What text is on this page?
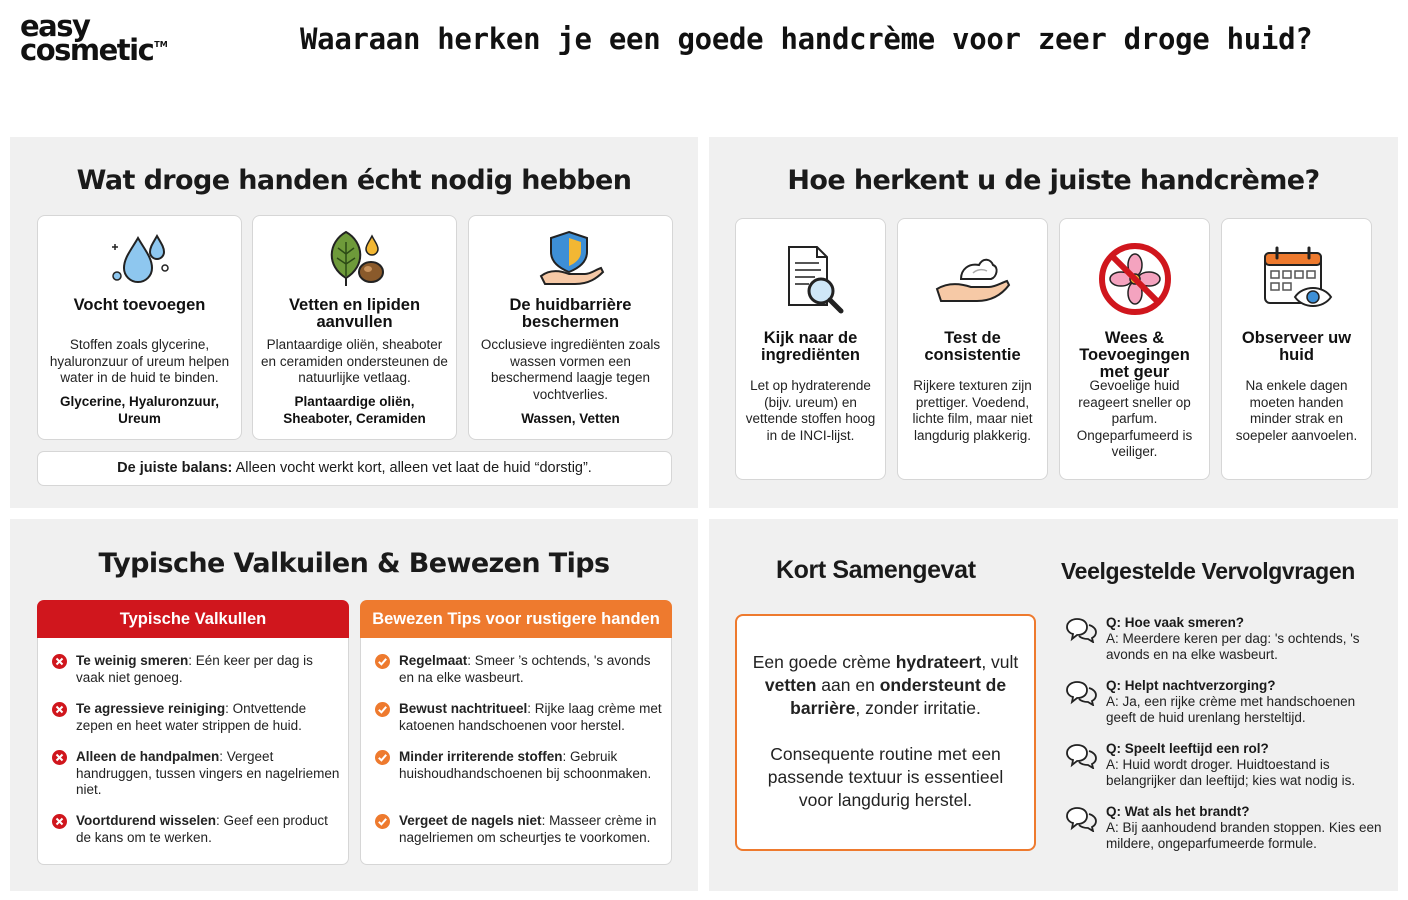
easy
cosmetic TM	Waaraan herken je een goede handcrème voor zeer droge huid?
Wat droge handen écht nodig hebben
Vocht toevoegen
Stoffen zoals glycerine, hyaluronzuur of ureum helpen water in de huid te binden.
Glycerine, Hyaluronzuur, Ureum
Vetten en lipiden aanvullen
Plantaardige oliën, sheaboter en ceramiden ondersteunen de natuurlijke vetlaag.
Plantaardige oliën, Sheaboter, Ceramiden
De huidbarrière beschermen
Occlusieve ingrediënten zoals wassen vormen een beschermend laagje tegen vochtverlies.
Wassen, Vetten
De juiste balans: Alleen vocht werkt kort, alleen vet laat de huid “dorstig”.
Hoe herkent u de juiste handcrème?
Kijk naar de ingrediënten
Let op hydraterende (bijv. ureum) en vettende stoffen hoog in de INCI-lijst.
Test de consistentie
Rijkere texturen zijn prettiger. Voedend, lichte film, maar niet langdurig plakkerig.
Wees & Toevoegingen met geur
Gevoelige huid reageert sneller op parfum. Ongeparfumeerd is veiliger.
Observeer uw huid
Na enkele dagen moeten handen minder strak en soepeler aanvoelen.
Typische Valkuilen & Bewezen Tips
Typische Valkullen
Te weinig smeren: Eén keer per dag is vaak niet genoeg.
Te agressieve reiniging: Ontvettende zepen en heet water strippen de huid.
Alleen de handpalmen: Vergeet handruggen, tussen vingers en nagelriemen niet.
Voortdurend wisselen: Geef een product de kans om te werken.
Bewezen Tips voor rustigere handen
Regelmaat: Smeer ’s ochtends, 's avonds en na elke wasbeurt.
Bewust nachtritueel: Rijke laag crème met katoenen handschoenen voor herstel.
Minder irriterende stoffen: Gebruik huishoudhandschoenen bij schoonmaken.
Vergeet de nagels niet: Masseer crème in nagelriemen om scheurtjes te voorkomen.
Kort Samengevat	Veelgestelde Vervolgvragen
Een goede crème hydrateert, vult vetten aan en ondersteunt de barrière, zonder irritatie.
Consequente routine met een passende textuur is essentieel voor langdurig herstel.
Q: Hoe vaak smeren?
A: Meerdere keren per dag: 's ochtends, 's avonds en na elke wasbeurt.
Q: Helpt nachtverzorging?
A: Ja, een rijke crème met handschoenen geeft de huid urenlang hersteltijd.
Q: Speelt leeftijd een rol?
A: Huid wordt droger. Huidtoestand is belangrijker dan leeftijd; kies wat nodig is.
Q: Wat als het brandt?
A: Bij aanhoudend branden stoppen. Kies een mildere, ongeparfumeerde formule.
